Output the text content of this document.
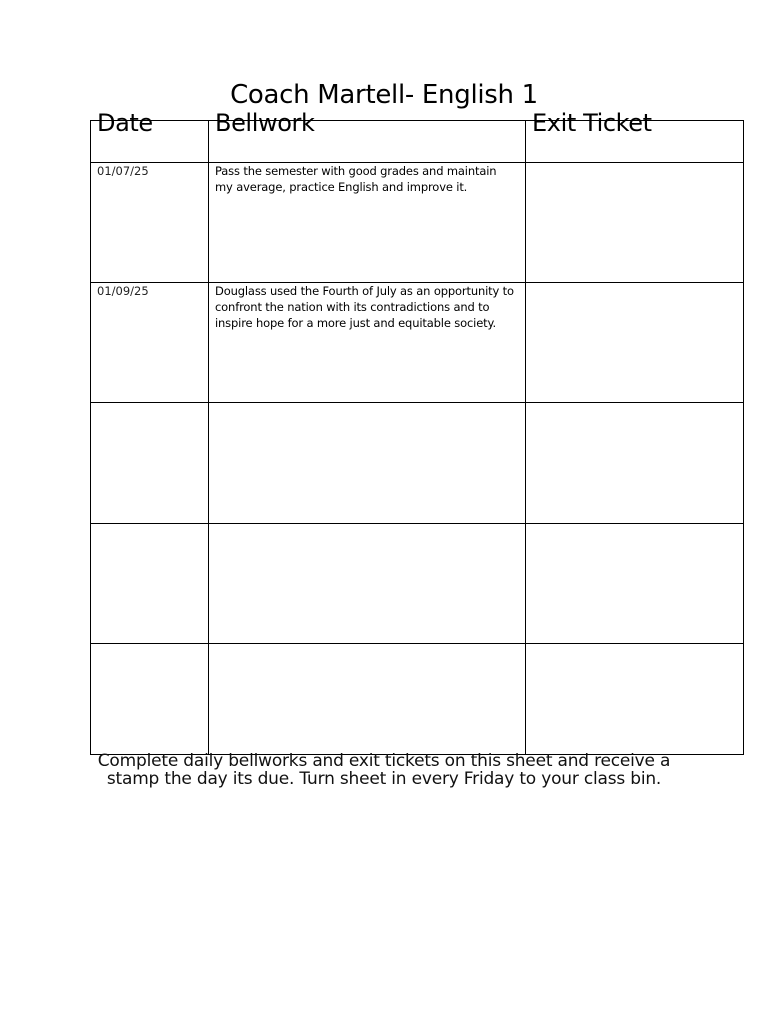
Coach Martell- English 1
Date	Bellwork	Exit Ticket

01/07/25	Pass the semester with good grades and maintain my average, practice English and improve it.	

01/09/25	Douglass used the Fourth of July as an opportunity to confront the nation with its contradictions and to inspire hope for a more just and equitable society.	

Complete daily bellworks and exit tickets on this sheet and receive a
stamp the day its due. Turn sheet in every Friday to your class bin.
